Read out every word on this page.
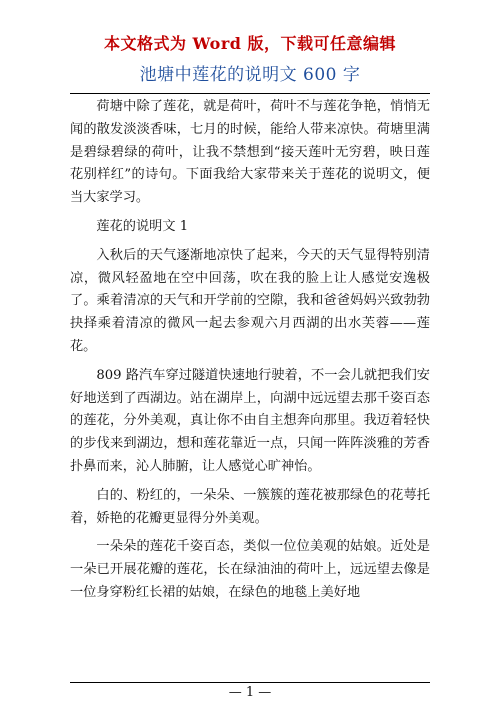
本文格式为 Word 版，下载可任意编辑
池塘中莲花的说明文 600 字

荷塘中除了莲花，就是荷叶，荷叶不与莲花争艳，悄悄无闻的散发淡淡香味，七月的时候，能给人带来凉快。荷塘里满是碧绿碧绿的荷叶，让我不禁想到“接天莲叶无穷碧，映日莲花别样红”的诗句。下面我给大家带来关于莲花的说明文，便当大家学习。

莲花的说明文 1

入秋后的天气逐渐地凉快了起来，今天的天气显得特别清凉，微风轻盈地在空中回荡，吹在我的脸上让人感觉安逸极了。乘着清凉的天气和开学前的空隙，我和爸爸妈妈兴致勃勃抉择乘着清凉的微风一起去参观六月西湖的出水芙蓉——莲花。

809 路汽车穿过隧道快速地行驶着，不一会儿就把我们安好地送到了西湖边。站在湖岸上，向湖中远远望去那千姿百态的莲花，分外美观，真让你不由自主想奔向那里。我迈着轻快的步伐来到湖边，想和莲花靠近一点，只闻一阵阵淡雅的芳香扑鼻而来，沁人肺腑，让人感觉心旷神怡。

白的、粉红的，一朵朵、一簇簇的莲花被那绿色的花萼托着，娇艳的花瓣更显得分外美观。

一朵朵的莲花千姿百态，类似一位位美观的姑娘。近处是一朵已开展花瓣的莲花，长在绿油油的荷叶上，远远望去像是一位身穿粉红长裙的姑娘，在绿色的地毯上美好地

— 1 —
